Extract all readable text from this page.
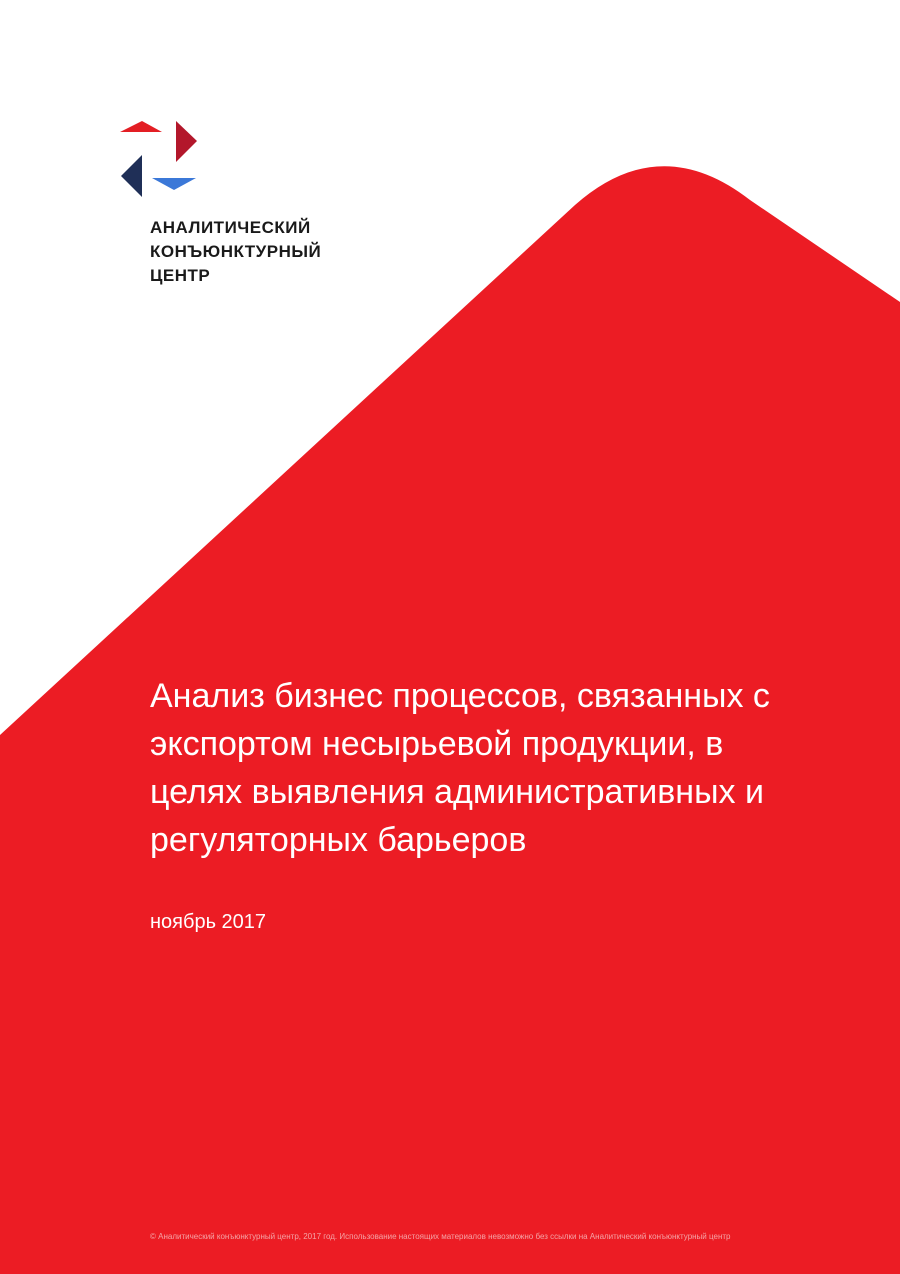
АНАЛИТИЧЕСКИЙ
КОНЪЮНКТУРНЫЙ
ЦЕНТР
Анализ бизнес процессов, связанных с
экспортом несырьевой продукции, в
целях выявления административных и
регуляторных барьеров
ноябрь 2017
© Аналитический конъюнктурный центр, 2017 год. Использование настоящих материалов невозможно без ссылки на Аналитический конъюнктурный центр
